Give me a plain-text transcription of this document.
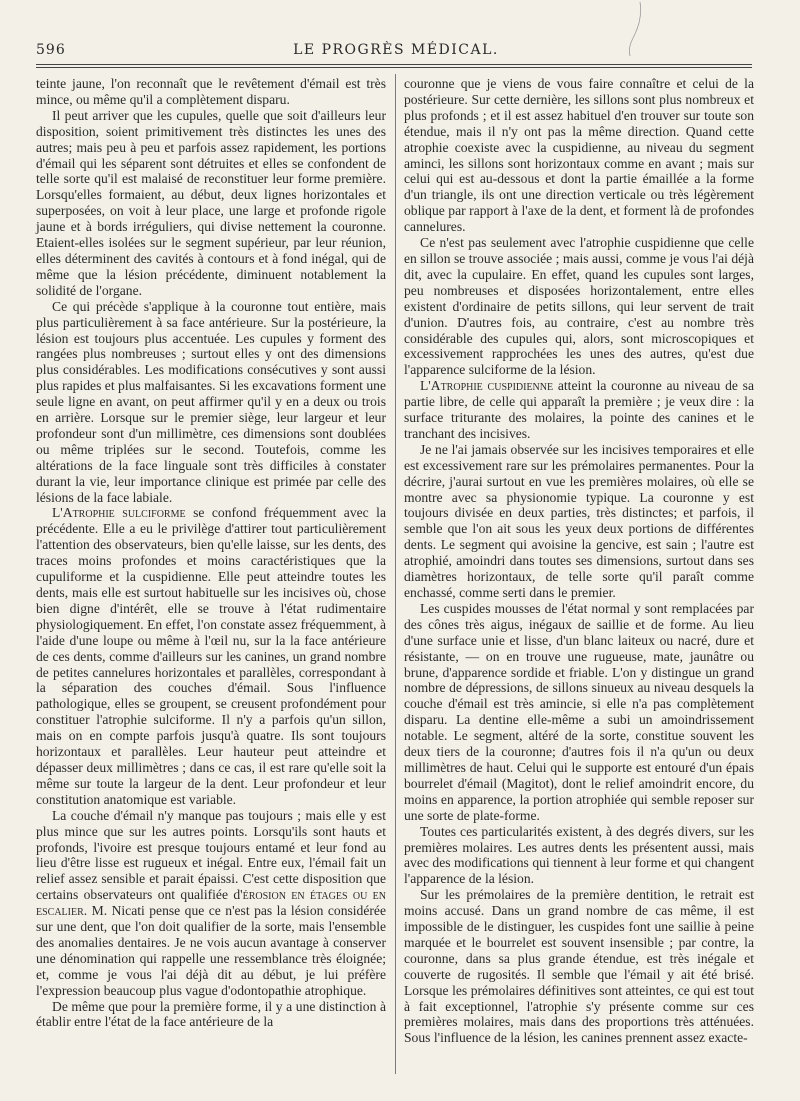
596	LE PROGRÈS MÉDICAL.

teinte jaune, l'on reconnaît que le revêtement d'émail est très mince, ou même qu'il a complètement disparu.

Il peut arriver que les cupules, quelle que soit d'ailleurs leur disposition, soient primitivement très distinctes les unes des autres; mais peu à peu et parfois assez rapidement, les portions d'émail qui les séparent sont détruites et elles se confondent de telle sorte qu'il est malaisé de reconstituer leur forme première. Lorsqu'elles formaient, au début, deux lignes horizontales et superposées, on voit à leur place, une large et profonde rigole jaune et à bords irréguliers, qui divise nettement la couronne. Etaient-elles isolées sur le segment supérieur, par leur réunion, elles déterminent des cavités à contours et à fond inégal, qui de même que la lésion précédente, diminuent notablement la solidité de l'organe.

Ce qui précède s'applique à la couronne tout entière, mais plus particulièrement à sa face antérieure. Sur la postérieure, la lésion est toujours plus accentuée. Les cupules y forment des rangées plus nombreuses ; surtout elles y ont des dimensions plus considérables. Les modifications consécutives y sont aussi plus rapides et plus malfaisantes. Si les excavations forment une seule ligne en avant, on peut affirmer qu'il y en a deux ou trois en arrière. Lorsque sur le premier siège, leur largeur et leur profondeur sont d'un millimètre, ces dimensions sont doublées ou même triplées sur le second. Toutefois, comme les altérations de la face linguale sont très difficiles à constater durant la vie, leur importance clinique est primée par celle des lésions de la face labiale.

L'Atrophie sulciforme se confond fréquemment avec la précédente. Elle a eu le privilège d'attirer tout particulièrement l'attention des observateurs, bien qu'elle laisse, sur les dents, des traces moins profondes et moins caractéristiques que la cupuliforme et la cuspidienne. Elle peut atteindre toutes les dents, mais elle est surtout habituelle sur les incisives où, chose bien digne d'intérêt, elle se trouve à l'état rudimentaire physiologiquement. En effet, l'on constate assez fréquemment, à l'aide d'une loupe ou même à l'œil nu, sur la la face antérieure de ces dents, comme d'ailleurs sur les canines, un grand nombre de petites cannelures horizontales et parallèles, correspondant à la séparation des couches d'émail. Sous l'influence pathologique, elles se groupent, se creusent profondément pour constituer l'atrophie sulciforme. Il n'y a parfois qu'un sillon, mais on en compte parfois jusqu'à quatre. Ils sont toujours horizontaux et parallèles. Leur hauteur peut atteindre et dépasser deux millimètres ; dans ce cas, il est rare qu'elle soit la même sur toute la largeur de la dent. Leur profondeur et leur constitution anatomique est variable.

La couche d'émail n'y manque pas toujours ; mais elle y est plus mince que sur les autres points. Lorsqu'ils sont hauts et profonds, l'ivoire est presque toujours entamé et leur fond au lieu d'être lisse est rugueux et inégal. Entre eux, l'émail fait un relief assez sensible et parait épaissi. C'est cette disposition que certains observateurs ont qualifiée d'érosion en étages ou en escalier. M. Nicati pense que ce n'est pas la lésion considérée sur une dent, que l'on doit qualifier de la sorte, mais l'ensemble des anomalies dentaires. Je ne vois aucun avantage à conserver une dénomination qui rappelle une ressemblance très éloignée; et, comme je vous l'ai déjà dit au début, je lui préfère l'expression beaucoup plus vague d'odontopathie atrophique.

De même que pour la première forme, il y a une distinction à établir entre l'état de la face antérieure de la

couronne que je viens de vous faire connaître et celui de la postérieure. Sur cette dernière, les sillons sont plus nombreux et plus profonds ; et il est assez habituel d'en trouver sur toute son étendue, mais il n'y ont pas la même direction. Quand cette atrophie coexiste avec la cuspidienne, au niveau du segment aminci, les sillons sont horizontaux comme en avant ; mais sur celui qui est au-dessous et dont la partie émaillée a la forme d'un triangle, ils ont une direction verticale ou très légèrement oblique par rapport à l'axe de la dent, et forment là de profondes cannelures.

Ce n'est pas seulement avec l'atrophie cuspidienne que celle en sillon se trouve associée ; mais aussi, comme je vous l'ai déjà dit, avec la cupulaire. En effet, quand les cupules sont larges, peu nombreuses et disposées horizontalement, entre elles existent d'ordinaire de petits sillons, qui leur servent de trait d'union. D'autres fois, au contraire, c'est au nombre très considérable des cupules qui, alors, sont microscopiques et excessivement rapprochées les unes des autres, qu'est due l'apparence sulciforme de la lésion.

L'Atrophie cuspidienne atteint la couronne au niveau de sa partie libre, de celle qui apparaît la première ; je veux dire : la surface triturante des molaires, la pointe des canines et le tranchant des incisives.

Je ne l'ai jamais observée sur les incisives temporaires et elle est excessivement rare sur les prémolaires permanentes. Pour la décrire, j'aurai surtout en vue les premières molaires, où elle se montre avec sa physionomie typique. La couronne y est toujours divisée en deux parties, très distinctes; et parfois, il semble que l'on ait sous les yeux deux portions de différentes dents. Le segment qui avoisine la gencive, est sain ; l'autre est atrophié, amoindri dans toutes ses dimensions, surtout dans ses diamètres horizontaux, de telle sorte qu'il paraît comme enchassé, comme serti dans le premier.

Les cuspides mousses de l'état normal y sont remplacées par des cônes très aigus, inégaux de saillie et de forme. Au lieu d'une surface unie et lisse, d'un blanc laiteux ou nacré, dure et résistante, — on en trouve une rugueuse, mate, jaunâtre ou brune, d'apparence sordide et friable. L'on y distingue un grand nombre de dépressions, de sillons sinueux au niveau desquels la couche d'émail est très amincie, si elle n'a pas complètement disparu. La dentine elle-même a subi un amoindrissement notable. Le segment, altéré de la sorte, constitue souvent les deux tiers de la couronne; d'autres fois il n'a qu'un ou deux millimètres de haut. Celui qui le supporte est entouré d'un épais bourrelet d'émail (Magitot), dont le relief amoindrit encore, du moins en apparence, la portion atrophiée qui semble reposer sur une sorte de plate-forme.

Toutes ces particularités existent, à des degrés divers, sur les premières molaires. Les autres dents les présentent aussi, mais avec des modifications qui tiennent à leur forme et qui changent l'apparence de la lésion.

Sur les prémolaires de la première dentition, le retrait est moins accusé. Dans un grand nombre de cas même, il est impossible de le distinguer, les cuspides font une saillie à peine marquée et le bourrelet est souvent insensible ; par contre, la couronne, dans sa plus grande étendue, est très inégale et couverte de rugosités. Il semble que l'émail y ait été brisé. Lorsque les prémolaires définitives sont atteintes, ce qui est tout à fait exceptionnel, l'atrophie s'y présente comme sur ces premières molaires, mais dans des proportions très atténuées. Sous l'influence de la lésion, les canines prennent assez exacte-
